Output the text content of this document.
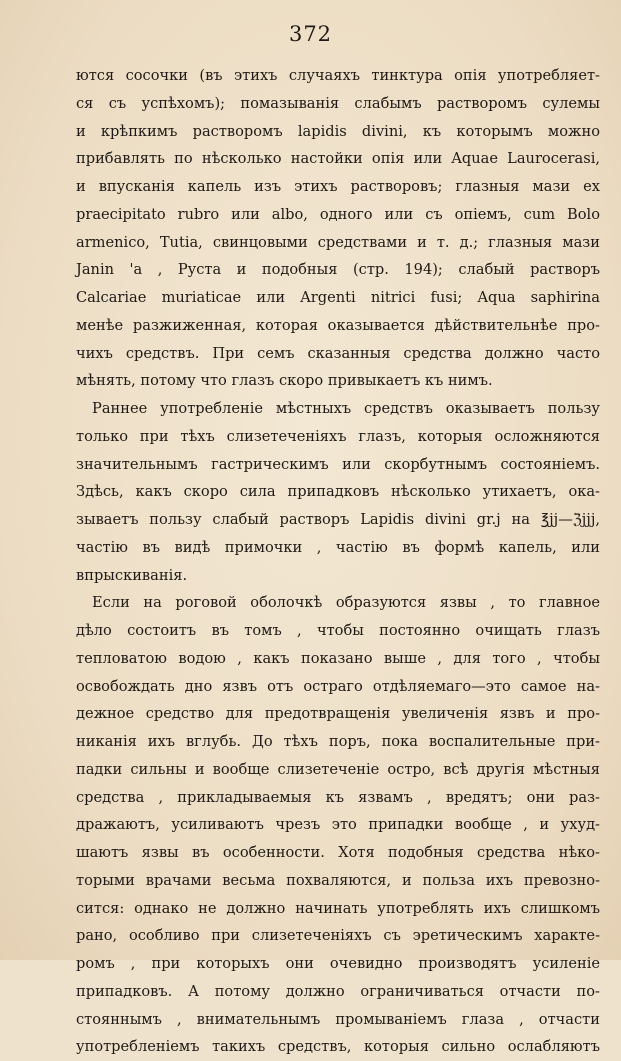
372
ются сосочки (въ этихъ случаяхъ тинктура опія употребляет-
ся съ успѣхомъ); помазыванія слабымъ растворомъ сулемы
и крѣпкимъ растворомъ lapidis divini, къ которымъ можно
прибавлять по нѣсколько настойки опія или Aquae Laurocerasi,
и впусканія капель изъ этихъ растворовъ; глазныя мази ex
praecipitato rubro или albo, одного или съ опiемъ, cum Bolo
armenico, Tutia, свинцовыми средствами и т. д.; глазныя мази
Janin 'a , Руста и подобныя (стр. 194); слабый растворъ
Calcariae muriaticae или Argenti nitrici fusi; Aqua saphirina
менѣе разжиженная, которая оказывается дѣйствительнѣе про-
чихъ средствъ. При семъ сказанныя средства должно часто
мѣнять, потому что глазъ скоро привыкаетъ къ нимъ.
Раннее употребленіе мѣстныхъ средствъ оказываетъ пользу
только при тѣхъ слизетеченіяхъ глазъ, которыя осложняются
значительнымъ гастрическимъ или скорбутнымъ состояніемъ.
Здѣсь, какъ скоро сила припадковъ нѣсколько утихаетъ, ока-
зываетъ пользу слабый растворъ Lapidis divini gr.j на ℥jj—ℨjjj,
частію въ видѣ примочки , частію въ формѣ капель, или
впрыскиванія.
Если на роговой оболочкѣ образуются язвы , то главное
дѣло состоитъ въ томъ , чтобы постоянно очищать глазъ
тепловатою водою , какъ показано выше , для того , чтобы
освобождать дно язвъ отъ остраго отдѣляемаго—это самое на-
дежное средство для предотвращенія увеличенія язвъ и про-
никанія ихъ вглубь. До тѣхъ поръ, пока воспалительные при-
падки сильны и вообще слизетеченіе остро, всѣ другія мѣстныя
средства , прикладываемыя къ язвамъ , вредятъ; они раз-
дражаютъ, усиливаютъ чрезъ это припадки вообще , и ухуд-
шаютъ язвы въ особенности. Хотя подобныя средства нѣко-
торыми врачами весьма похваляются, и польза ихъ превозно-
сится: однако не должно начинать употреблять ихъ слишкомъ
рано, особливо при слизетеченіяхъ съ эретическимъ характе-
ромъ , при которыхъ они очевидно производятъ усиленіе
припадковъ. А потому должно ограничиваться отчасти по-
стояннымъ , внимательнымъ промываніемъ глаза , отчасти
употребленіемъ такихъ средствъ, которыя сильно ослабляютъ
